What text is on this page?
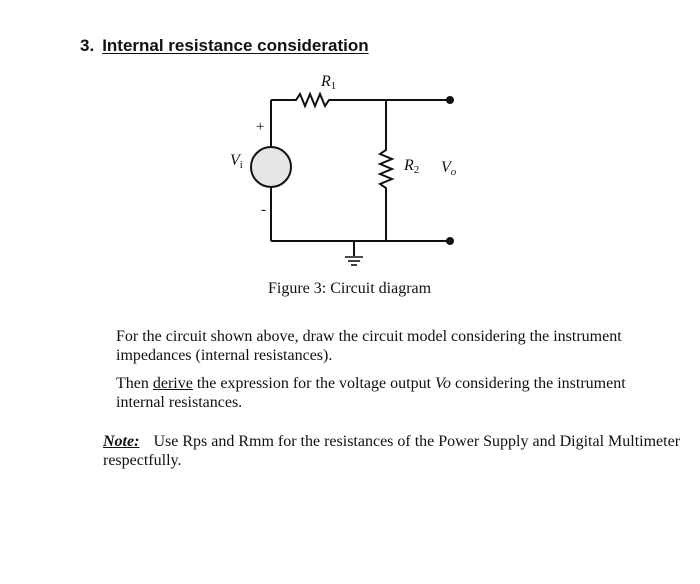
3. Internal resistance consideration
R1
R2
Vi	Vo
+
-
Figure 3: Circuit diagram

For the circuit shown above, draw the circuit model considering the instrument impedances (internal resistances).

Then derive the expression for the voltage output Vo considering the instrument internal resistances.

Note: Use Rps and Rmm for the resistances of the Power Supply and Digital Multimeter respectfully.
